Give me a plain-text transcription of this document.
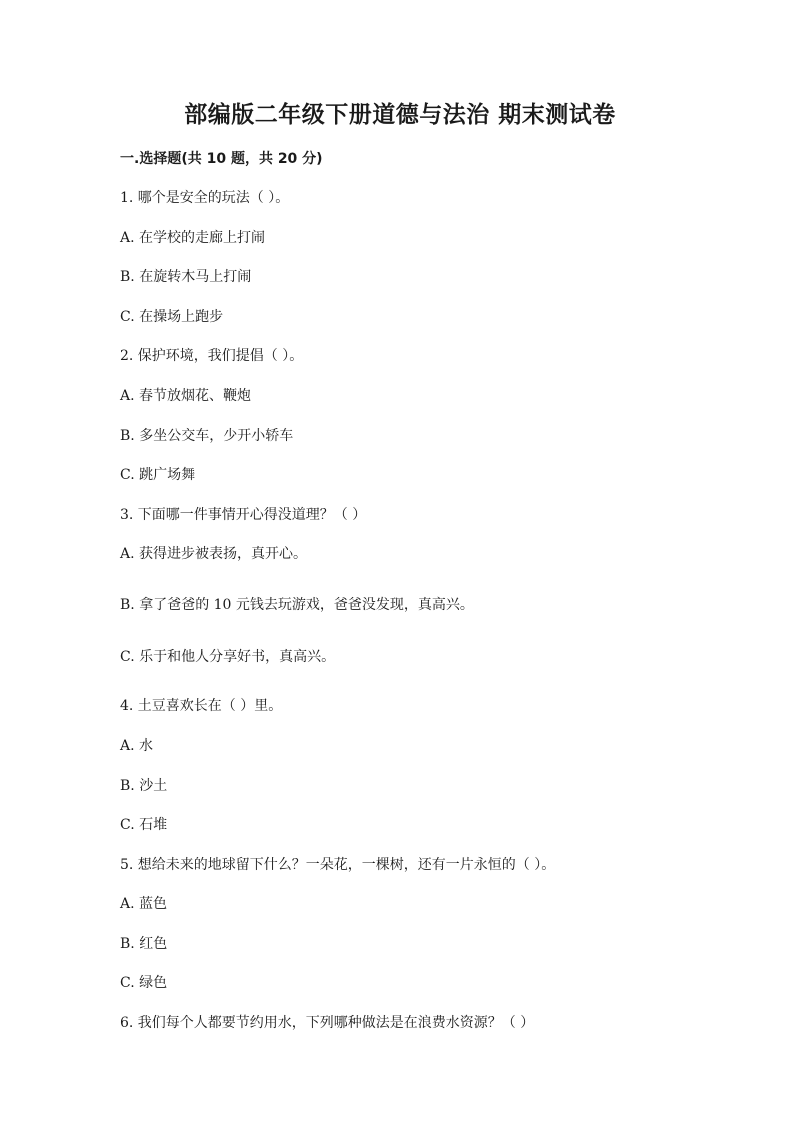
部编版二年级下册道德与法治 期末测试卷
一.选择题(共 10 题，共 20 分)
1. 哪个是安全的玩法（ ）。
A. 在学校的走廊上打闹
B. 在旋转木马上打闹
C. 在操场上跑步
2. 保护环境，我们提倡（ ）。
A. 春节放烟花、鞭炮
B. 多坐公交车，少开小轿车
C. 跳广场舞
3. 下面哪一件事情开心得没道理？（ ）
A. 获得进步被表扬，真开心。
B. 拿了爸爸的 10 元钱去玩游戏，爸爸没发现，真高兴。
C. 乐于和他人分享好书，真高兴。
4. 土豆喜欢长在（ ）里。
A. 水
B. 沙土
C. 石堆
5. 想给未来的地球留下什么？一朵花，一棵树，还有一片永恒的（ ）。
A. 蓝色
B. 红色
C. 绿色
6. 我们每个人都要节约用水，下列哪种做法是在浪费水资源？（ ）
